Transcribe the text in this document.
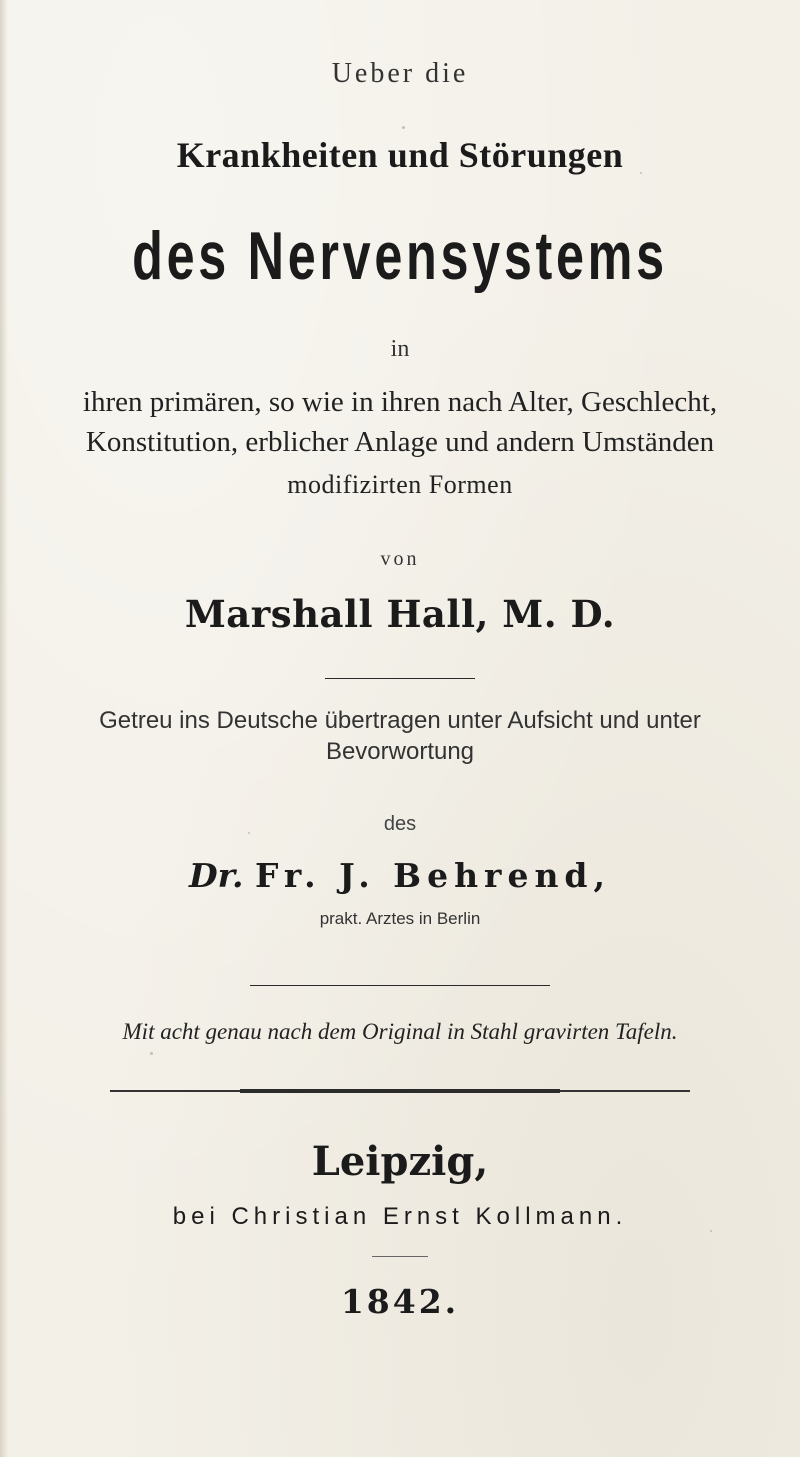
Ueber die
Krankheiten und Störungen
des Nervensystems
in
ihren primären, so wie in ihren nach Alter, Geschlecht,
Konstitution, erblicher Anlage und andern Umständen
modifizirten Formen
von
Marshall Hall, M. D.
Getreu ins Deutsche übertragen unter Aufsicht und unter
Bevorwortung
des
Dr. Fr. J. Behrend,
prakt. Arztes in Berlin
Mit acht genau nach dem Original in Stahl gravirten Tafeln.
Leipzig,
bei Christian Ernst Kollmann.
1842.
